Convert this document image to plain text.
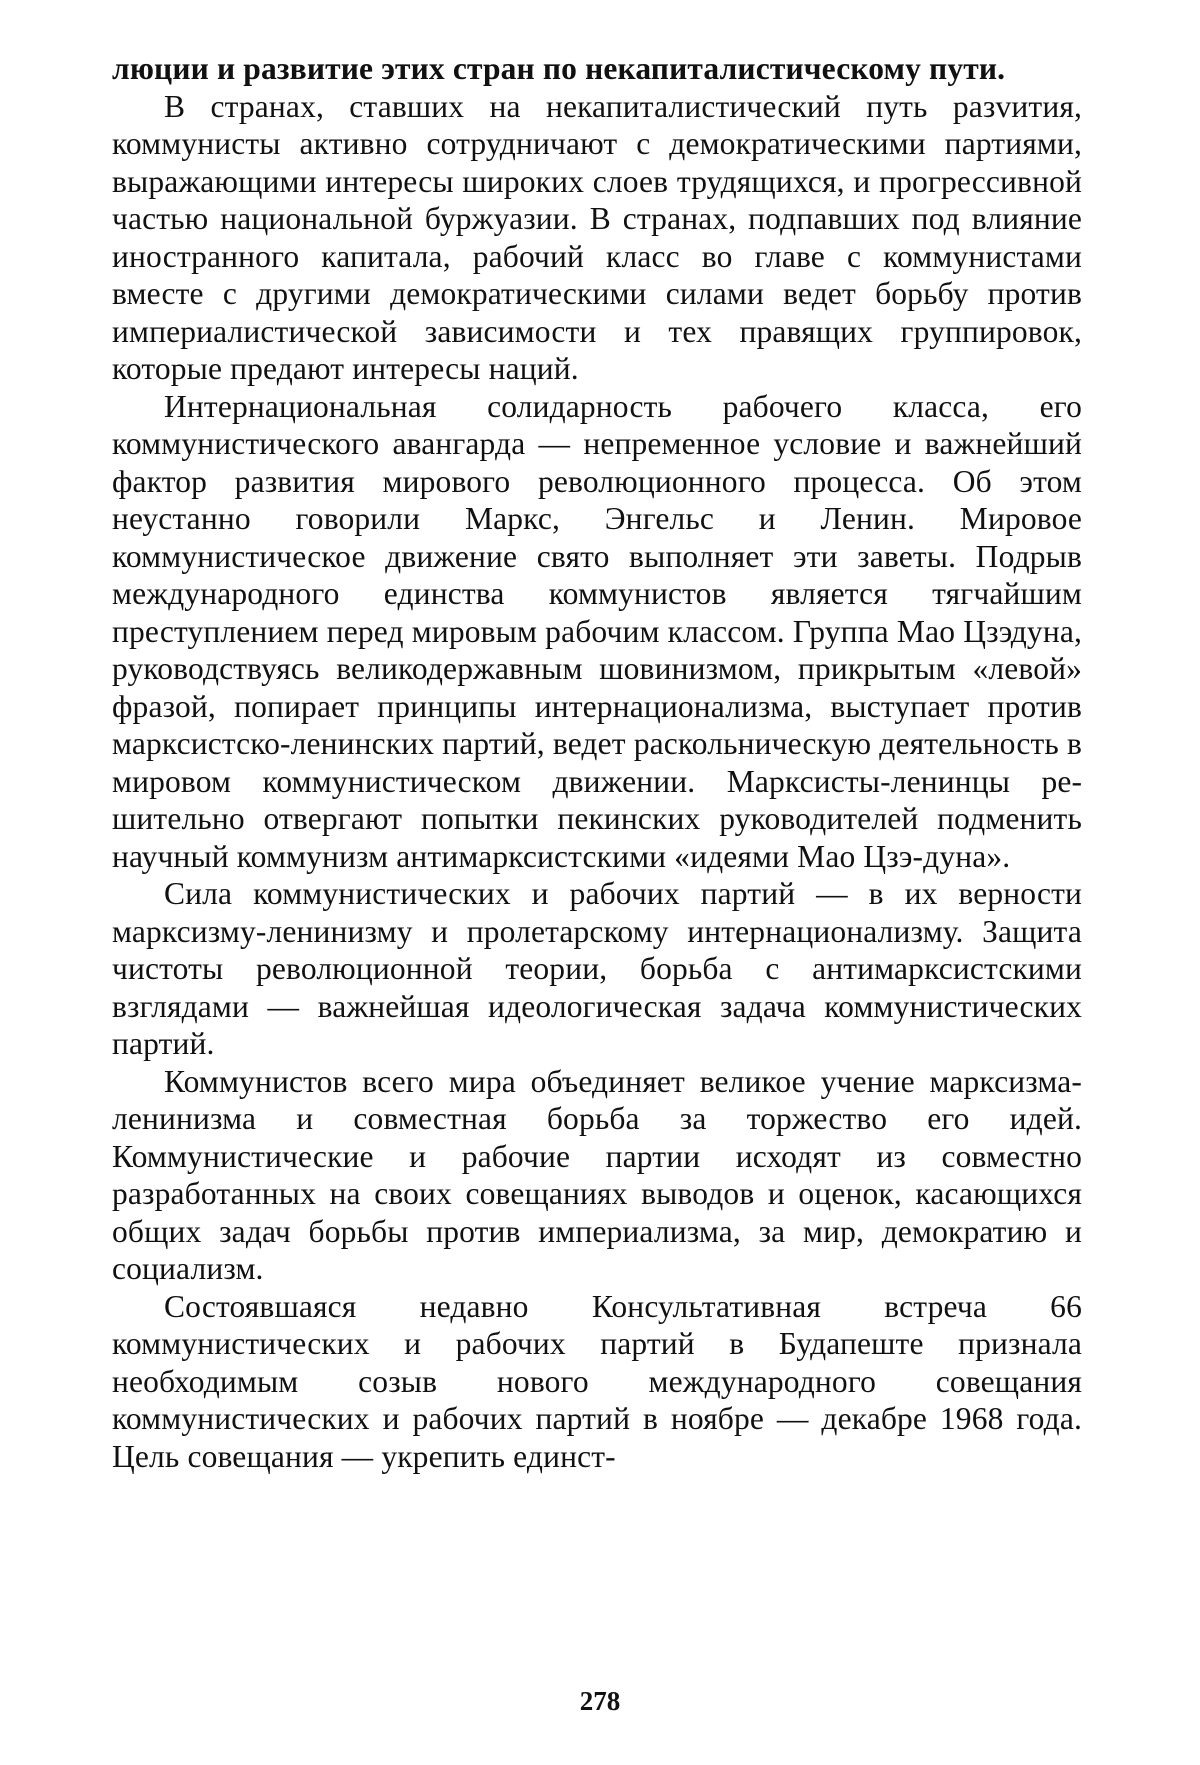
люции и развитие этих стран по некапиталистическому пути.

В странах, ставших на некапиталистический путь разvития, коммунисты активно сотрудничают с демократическими партиями, выражающими интересы широких слоев трудящихся, и прогрессивной частью национальной буржуазии. В странах, подпавших под влияние иностранного капитала, рабочий класс во главе с коммунистами вместе с другими демократическими силами ведет борьбу против империалистической зависимости и тех правящих группировок, которые предают интересы наций.

Интернациональная солидарность рабочего класса, его коммунистического авангарда — непременное условие и важнейший фактор развития мирового революционного процесса. Об этом неустанно говорили Маркс, Энгельс и Ленин. Мировое коммунистическое движение свято выполняет эти заветы. Подрыв международного единства коммунистов является тягчайшим преступлением перед мировым рабочим классом. Группа Мао Цзэдуна, руководствуясь великодержавным шовинизмом, прикрытым «левой» фразой, попирает принципы интернационализма, выступает против марксистско-ленинских партий, ведет раскольническую деятельность в мировом коммунистическом движении. Марксисты-ленинцы решительно отвергают попытки пекинских руководителей подменить научный коммунизм антимарксистскими «идеями Мао Цзэ-дуна».

Сила коммунистических и рабочих партий — в их верности марксизму-ленинизму и пролетарскому интернационализму. Защита чистоты революционной теории, борьба с антимарксистскими взглядами — важнейшая идеологическая задача коммунистических партий.

Коммунистов всего мира объединяет великое учение марксизма-ленинизма и совместная борьба за торжество его идей. Коммунистические и рабочие партии исходят из совместно разработанных на своих совещаниях выводов и оценок, касающихся общих задач борьбы против империализма, за мир, демократию и социализм.

Состоявшаяся недавно Консультативная встреча 66 коммунистических и рабочих партий в Будапеште признала необходимым созыв нового международного совещания коммунистических и рабочих партий в ноябре — декабре 1968 года. Цель совещания — укрепить единст-

278
